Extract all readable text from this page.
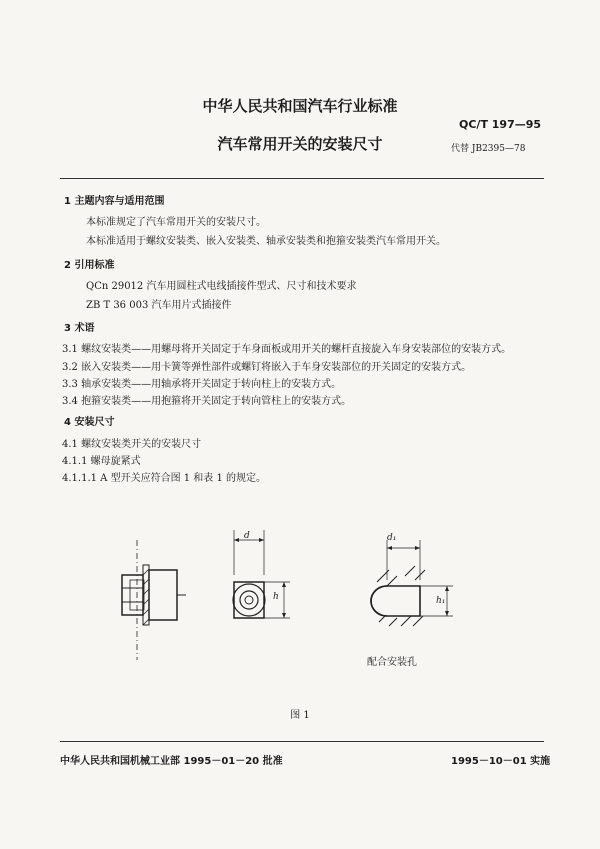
中华人民共和国汽车行业标准
QC/T 197—95
汽车常用开关的安装尺寸	代替 JB2395—78
1 主题内容与适用范围
本标准规定了汽车常用开关的安装尺寸。
本标准适用于螺纹安装类、嵌入安装类、轴承安装类和抱箍安装类汽车常用开关。
2 引用标准
QCn 29012 汽车用圆柱式电线插接件型式、尺寸和技术要求
ZB T 36 003 汽车用片式插接件
3 术语
3.1 螺纹安装类——用螺母将开关固定于车身面板或用开关的螺杆直接旋入车身安装部位的安装方式。
3.2 嵌入安装类——用卡簧等弹性部件或螺钉将嵌入于车身安装部位的开关固定的安装方式。
3.3 轴承安装类——用轴承将开关固定于转向柱上的安装方式。
3.4 抱箍安装类——用抱箍将开关固定于转向管柱上的安装方式。
4 安装尺寸
4.1 螺纹安装类开关的安装尺寸
4.1.1 螺母旋紧式
4.1.1.1 A 型开关应符合图 1 和表 1 的规定。
d
h
d₁
h₁
配合安装孔
图 1
中华人民共和国机械工业部 1995－01－20 批准	1995－10－01 实施
